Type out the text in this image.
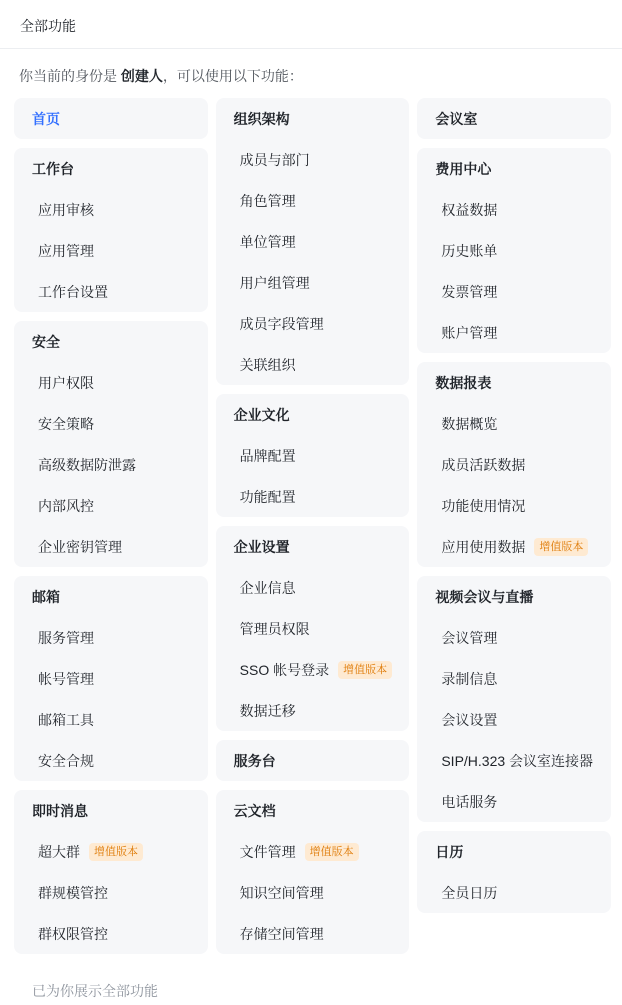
全部功能
你当前的身份是 创建人，可以使用以下功能：
首页
工作台
应用审核
应用管理
工作台设置
安全
用户权限
安全策略
高级数据防泄露
内部风控
企业密钥管理
邮箱
服务管理
帐号管理
邮箱工具
安全合规
即时消息
超大群	增值版本
群规模管控
群权限管控
组织架构
成员与部门
角色管理
单位管理
用户组管理
成员字段管理
关联组织
企业文化
品牌配置
功能配置
企业设置
企业信息
管理员权限
SSO 帐号登录	增值版本
数据迁移
服务台
云文档
文件管理	增值版本
知识空间管理
存储空间管理
会议室
费用中心
权益数据
历史账单
发票管理
账户管理
数据报表
数据概览
成员活跃数据
功能使用情况
应用使用数据	增值版本
视频会议与直播
会议管理
录制信息
会议设置
SIP/H.323 会议室连接器
电话服务
日历
全员日历
已为你展示全部功能
